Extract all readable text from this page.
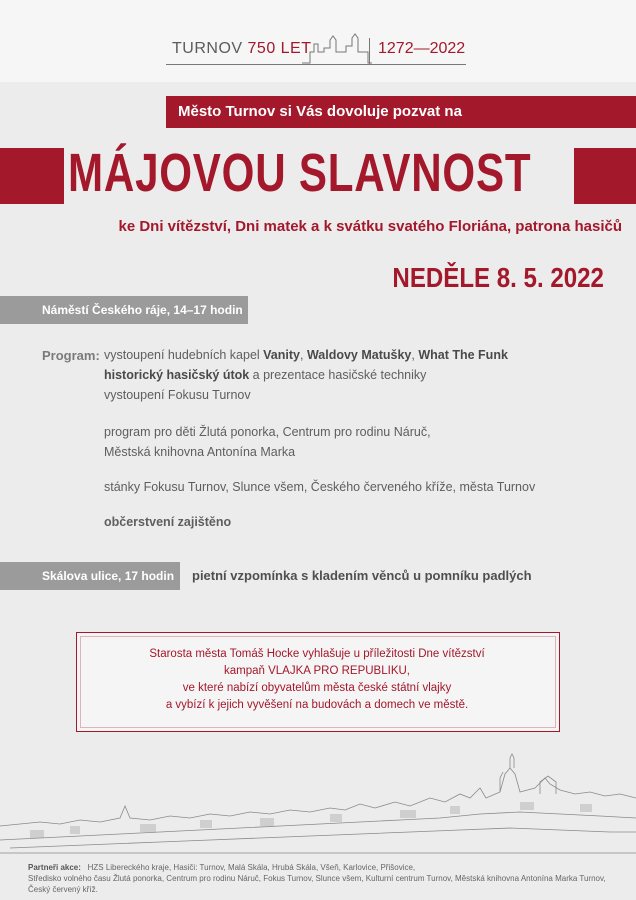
TURNOV 750 LET	1272—2022
Město Turnov si Vás dovoluje pozvat na
MÁJOVOU SLAVNOST
ke Dni vítězství, Dni matek a k svátku svatého Floriána, patrona hasičů
NEDĚLE 8. 5. 2022
Náměstí Českého ráje, 14–17 hodin
Program: vystoupení hudebních kapel Vanity, Waldovy Matušky, What The Funk
historický hasičský útok a prezentace hasičské techniky
vystoupení Fokusu Turnov
program pro děti Žlutá ponorka, Centrum pro rodinu Náruč,
Městská knihovna Antonína Marka
stánky Fokusu Turnov, Slunce všem, Českého červeného kříže, města Turnov
občerstvení zajištěno
Skálova ulice, 17 hodin	pietní vzpomínka s kladením věnců u pomníku padlých
Starosta města Tomáš Hocke vyhlašuje u příležitosti Dne vítězství
kampaň VLAJKA PRO REPUBLIKU,
ve které nabízí obyvatelům města české státní vlajky
a vybízí k jejich vyvěšení na budovách a domech ve městě.
Partneři akce: HZS Libereckého kraje, Hasiči: Turnov, Malá Skála, Hrubá Skála, Všeň, Karlovice, Přišovice,
Středisko volného času Žlutá ponorka, Centrum pro rodinu Náruč, Fokus Turnov, Slunce všem, Kulturní centrum Turnov, Městská knihovna Antonína Marka Turnov, Český červený kříž.
